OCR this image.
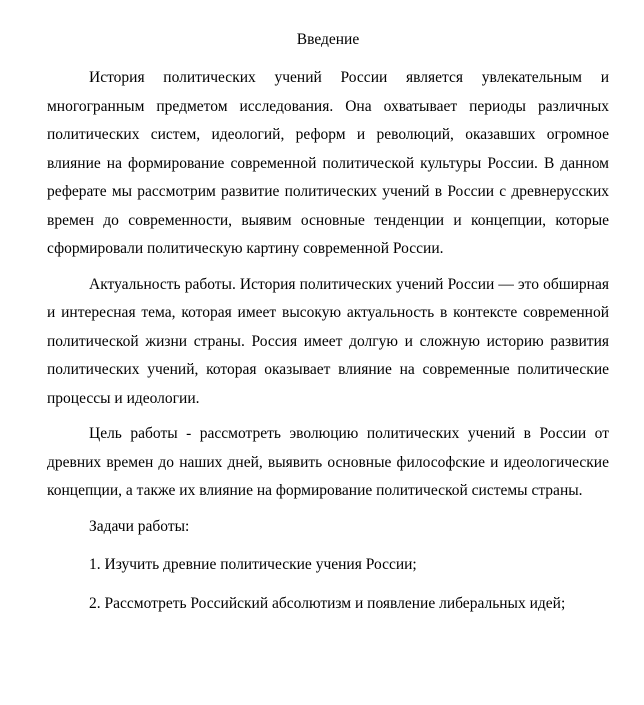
Введение

История политических учений России является увлекательным и многогранным предметом исследования. Она охватывает периоды различных политических систем, идеологий, реформ и революций, оказавших огромное влияние на формирование современной политической культуры России. В данном реферате мы рассмотрим развитие политических учений в России с древнерусских времен до современности, выявим основные тенденции и концепции, которые сформировали политическую картину современной России.

Актуальность работы. История политических учений России — это обширная и интересная тема, которая имеет высокую актуальность в контексте современной политической жизни страны. Россия имеет долгую и сложную историю развития политических учений, которая оказывает влияние на современные политические процессы и идеологии.

Цель работы - рассмотреть эволюцию политических учений в России от древних времен до наших дней, выявить основные философские и идеологические концепции, а также их влияние на формирование политической системы страны.

Задачи работы:

1. Изучить древние политические учения России;

2. Рассмотреть Российский абсолютизм и появление либеральных идей;
